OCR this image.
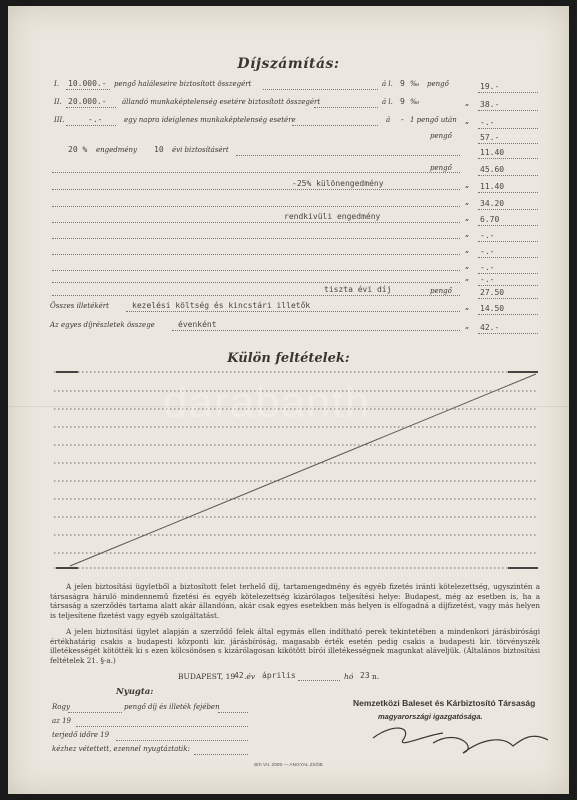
Díjszámítás:
I. 10.000.- pengő haláleseire biztosított összegért	á l. 9 ‰ pengő	19.-
II. 20.000.- állandó munkaképtelenség esetére biztosított összegért	á l. 9 ‰	„ 38.-
III.	-.-	egy napra ideiglenes munkaképtelenség esetére	á - 1 pengő után „ -.-
pengő	57.-
20 % engedmény 10 évi biztosításért	11.40
pengő	45.60
-25% különengedmény	„ 11.40
„ 34.20
rendkivüli engedmény	„ 6.70
„ -.-
„ -.-
„ -.-
„ -.-
tiszta évi díj	pengő	27.50
Összes illetékért	kezelési költség és kincstári illetők	„ 14.50
Az egyes díjrészletek összege	évenként	„ 42.-
Külön feltételek:
darabanth
A jelen biztosítási ügyletből a biztosított felet terhelő díj, tartamengedmény és egyéb fizetés iránti kötelezettség, ugyszintén a társaságra háruló mindennemű fizetési és egyéb kötelezettség kizárólagos teljesítési helye: Budapest, még az esetben is, ha a társaság a szerződés tartama alatt akár állandóan, akár csak egyes esetekben más helyen is elfogadná a díjfizetést, vagy más helyen is teljesítene fizetést vagy egyéb szolgáltatást.
A jelen biztosítási ügylet alapján a szerződő felek által egymás ellen indítható perek tekintetében a mindenkori járásbirósági értékhatárig csakis a budapesti központi kir. járásbíróság, magasabb érték esetén pedig csakis a budapesti kir. törvényszék illetékességét kötötték ki s ezen kölcsönösen s kizárólagosan kikötött bírói illetékességnek magunkat aláveljük. (Általános biztosítási feltételek 21. §-a.)
BUDAPEST, 19
42 .év április	hó 23 n.
Nyugta:
Rogy	pengő díj és illeték fejében
az 19
terjedő időre 19
kézhez vétettett, ezennel nyugtáztatik:
Nemzetközi Baleset és Kárbiztosító Társaság
magyarországi igazgatósága.
Brh VII. 2000 — ANGYAL ZSÓB
